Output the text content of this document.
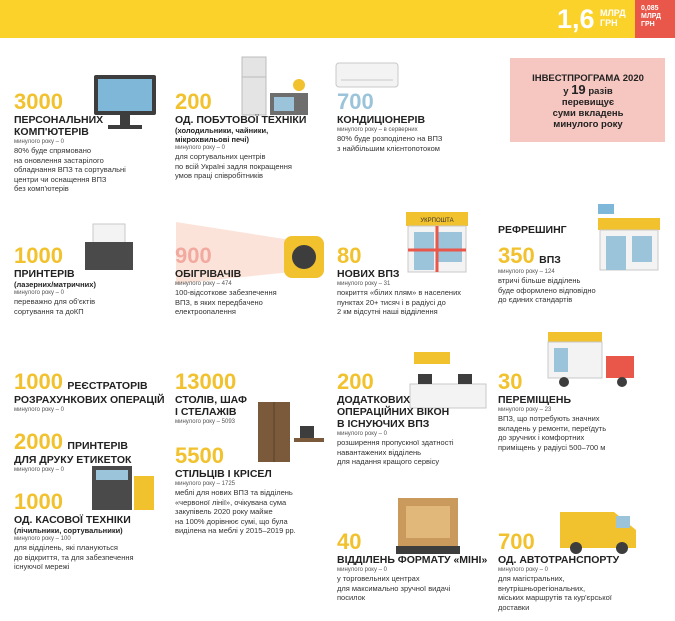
1,6 МЛРД
ГРН
0,085
МЛРД
ГРН
ІНВЕСТПРОГРАМА 2020
у 19 разів
перевищує
суми вкладень
минулого року
3000
ПЕРСОНАЛЬНИХ
КОМП'ЮТЕРІВ
минулого року – 0
80% буде спрямовано
на оновлення застарілого
обладнання ВПЗ та сортувальні
центри чи оснащення ВПЗ
без комп'ютерів
200
ОД. ПОБУТОВОЇ ТЕХНІКИ
(холодильники, чайники, мікрохвильові печі)
минулого року – 0
для сортувальних центрів
по всій Україні задля покращення
умов праці співробітників
700
КОНДИЦІОНЕРІВ
минулого року – в серверних
80% буде розподілено на ВПЗ
з найбільшим клієнтопотоком
1000
ПРИНТЕРІВ
(лазерних/матричних)
минулого року – 0
переважно для об'єктів
сортування та доКП
900
ОБІГРІВАЧІВ
минулого року – 474
100-відсоткове забезпечення
ВПЗ, в яких передбачено
електроопалення
УКРПОШТА
80
НОВИХ ВПЗ
минулого року – 31
покриття «білих плям» в населених
пунктах 20+ тисяч і в радіусі до
2 км відсутні наші відділення
РЕФРЕШИНГ
350 ВПЗ
минулого року – 124
втричі більше відділень
буде оформлено відповідно
до єдиних стандартів
1000 РЕЄСТРАТОРІВ
РОЗРАХУНКОВИХ ОПЕРАЦІЙ
минулого року – 0
2000 ПРИНТЕРІВ
ДЛЯ ДРУКУ ЕТИКЕТОК
минулого року – 0
1000
ОД. КАСОВОЇ ТЕХНІКИ
(лічильники, сортувальники)
минулого року – 100
для відділень, які плануються
до відкриття, та для забезпечення
існуючої мережі
13000
СТОЛІВ, ШАФ
І СТЕЛАЖІВ
минулого року – 5093
5500
СТІЛЬЦІВ І КРІСЕЛ
минулого року – 1725
меблі для нових ВПЗ та відділень
«червоної лінії», очікувана сума
закупівель 2020 року майже
на 100% дорівнює сумі, що була
виділена на меблі у 2015–2019 рр.
200
ДОДАТКОВИХ
ОПЕРАЦІЙНИХ ВІКОН
В ІСНУЮЧИХ ВПЗ
минулого року – 0
розширення пропускної здатності
навантажених відділень
для надання кращого сервісу
30
ПЕРЕМІЩЕНЬ
минулого року – 23
ВПЗ, що потребують значних
вкладень у ремонти, переїдуть
до зручних і комфортних
приміщень у радіусі 500–700 м
40
ВІДДІЛЕНЬ ФОРМАТУ «МІНІ»
минулого року – 0
у торговельних центрах
для максимально зручної видачі
посилок
700
ОД. АВТОТРАНСПОРТУ
минулого року – 0
для магістральних,
внутрішньорегіональних,
міських маршрутів та кур'єрської
доставки
